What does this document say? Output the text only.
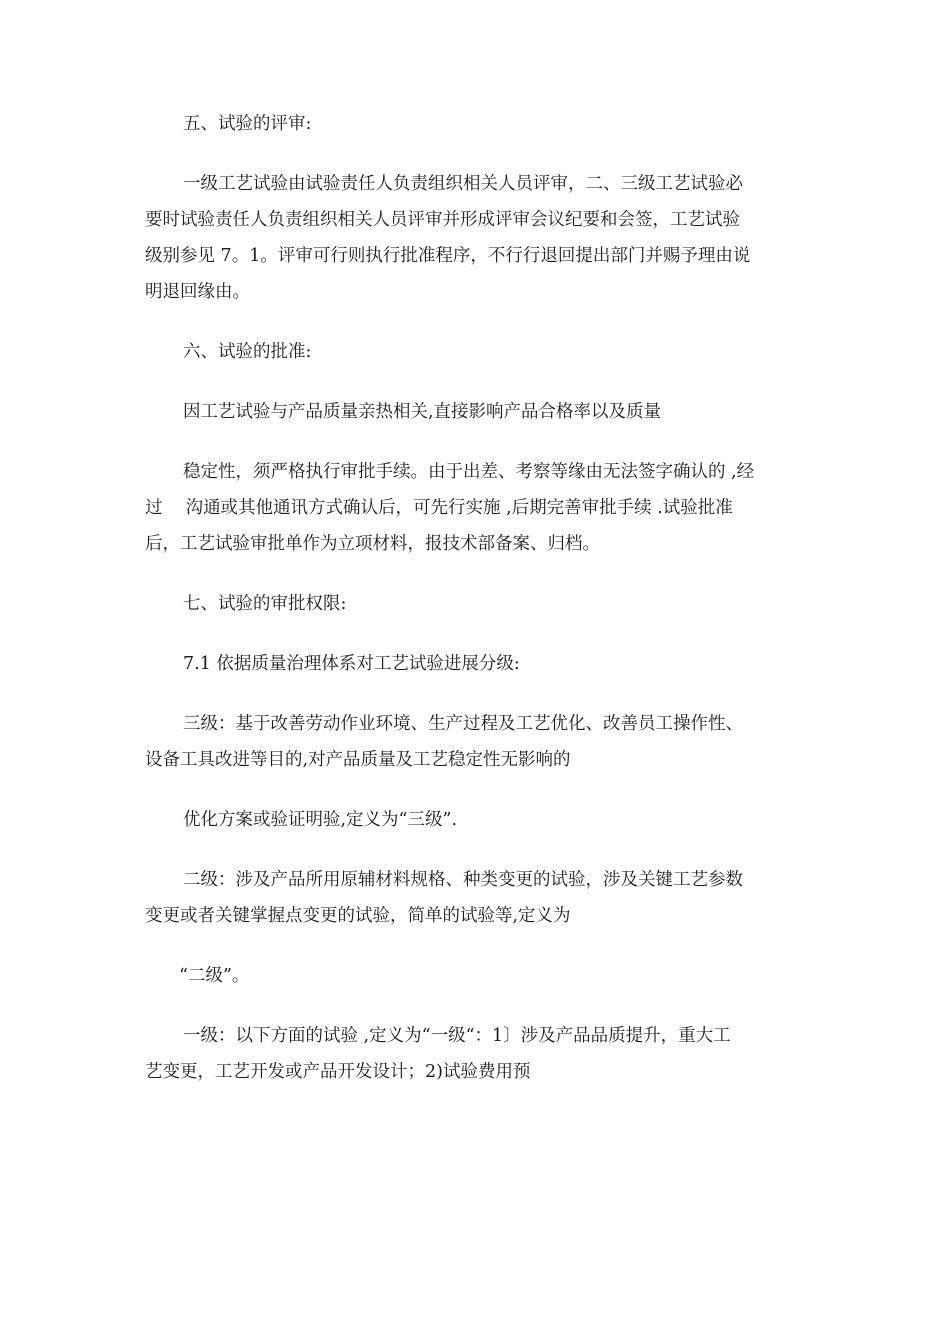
五、试验的评审:
一级工艺试验由试验责任人负责组织相关人员评审，二、三级工艺试验必
要时试验责任人负责组织相关人员评审并形成评审会议纪要和会签，工艺试验
级别参见 7。1。评审可行则执行批准程序，不行行退回提出部门并赐予理由说
明退回缘由。
六、试验的批准:
因工艺试验与产品质量亲热相关,直接影响产品合格率以及质量
稳定性，须严格执行审批手续。由于出差、考察等缘由无法签字确认的 ,经
过　 沟通或其他通讯方式确认后，可先行实施 ,后期完善审批手续 .试验批准
后，工艺试验审批单作为立项材料，报技术部备案、归档。
七、试验的审批权限:
7.1 依据质量治理体系对工艺试验进展分级:
三级：基于改善劳动作业环境、生产过程及工艺优化、改善员工操作性、
设备工具改进等目的,对产品质量及工艺稳定性无影响的
优化方案或验证明验,定义为“三级”.
二级：涉及产品所用原辅材料规格、种类变更的试验，涉及关键工艺参数
变更或者关键掌握点变更的试验，简单的试验等,定义为
“二级”。
一级：以下方面的试验 ,定义为“一级“：1〕涉及产品品质提升，重大工
艺变更，工艺开发或产品开发设计；2)试验费用预
